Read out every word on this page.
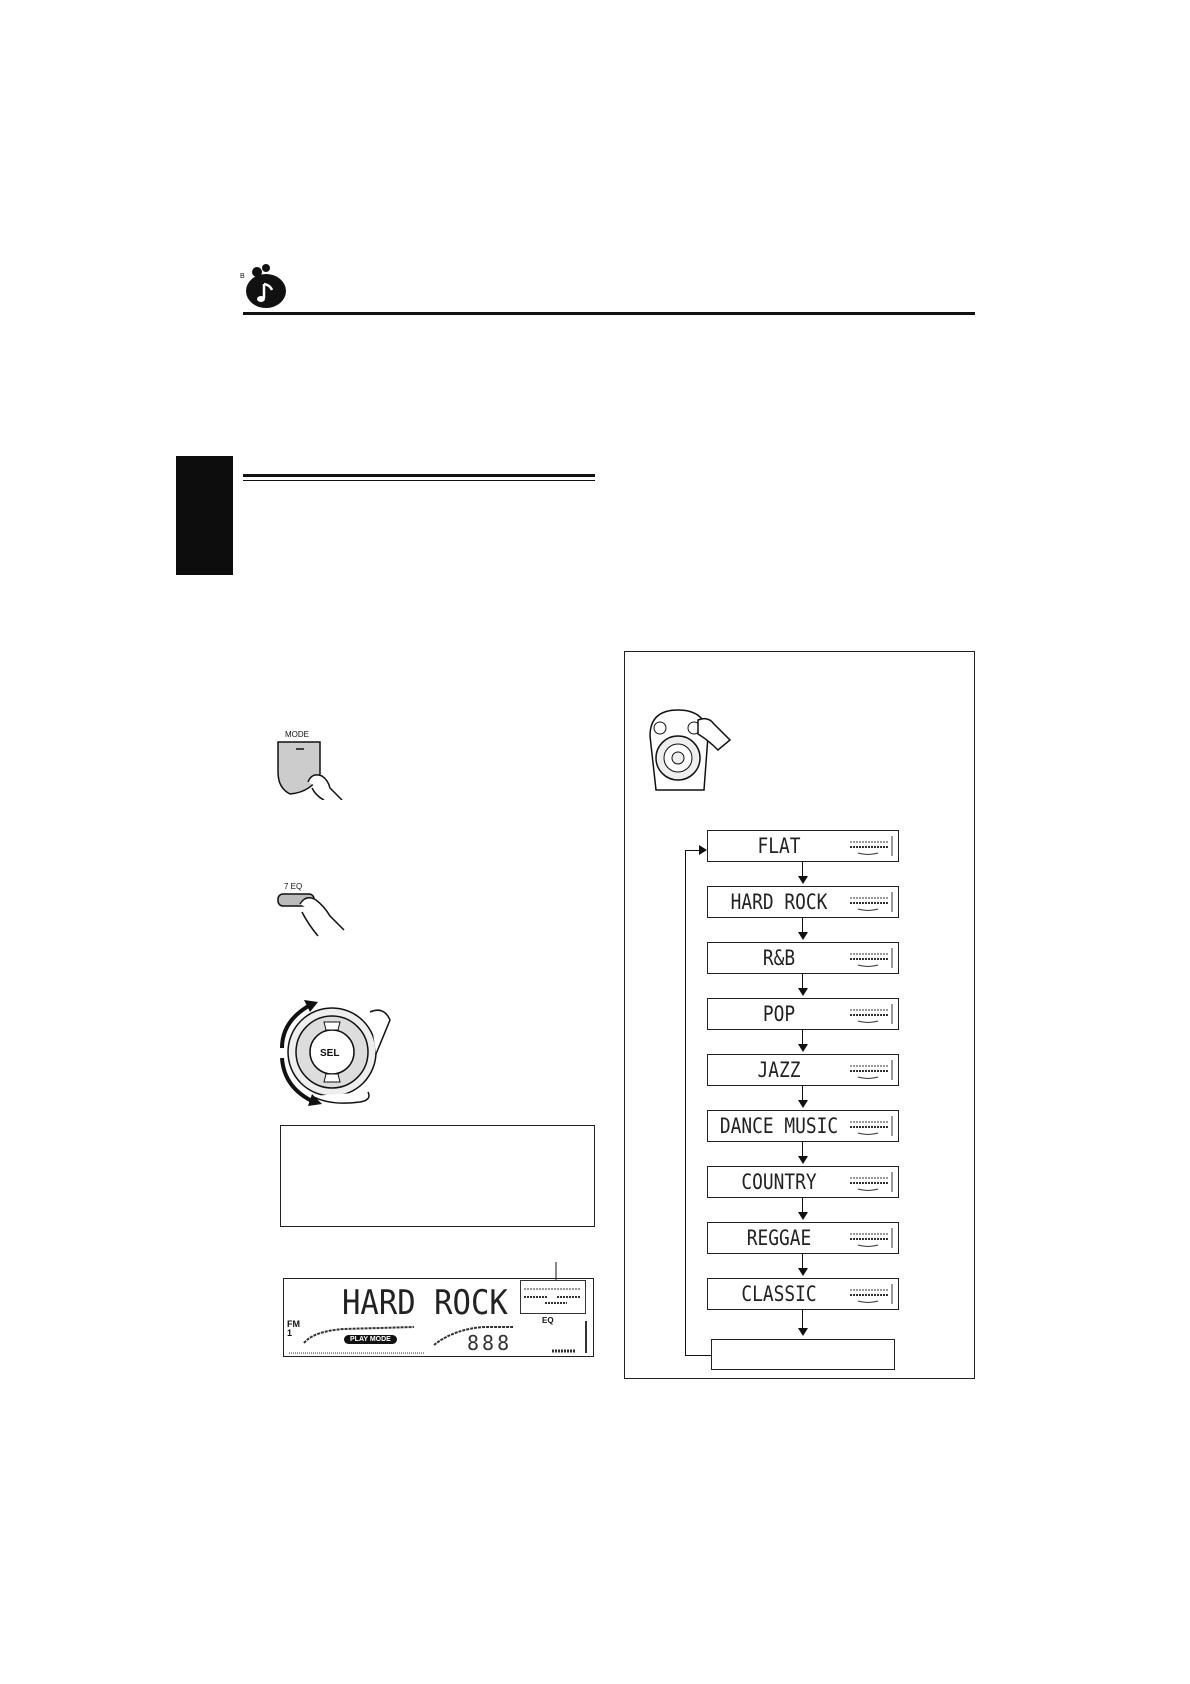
B
MODE
7 EQ
SEL
HARD ROCK
FM
1
PLAY MODE	888
EQ
FLAT
HARD ROCK
R&B
POP
JAZZ
DANCE MUSIC
COUNTRY
REGGAE
CLASSIC
